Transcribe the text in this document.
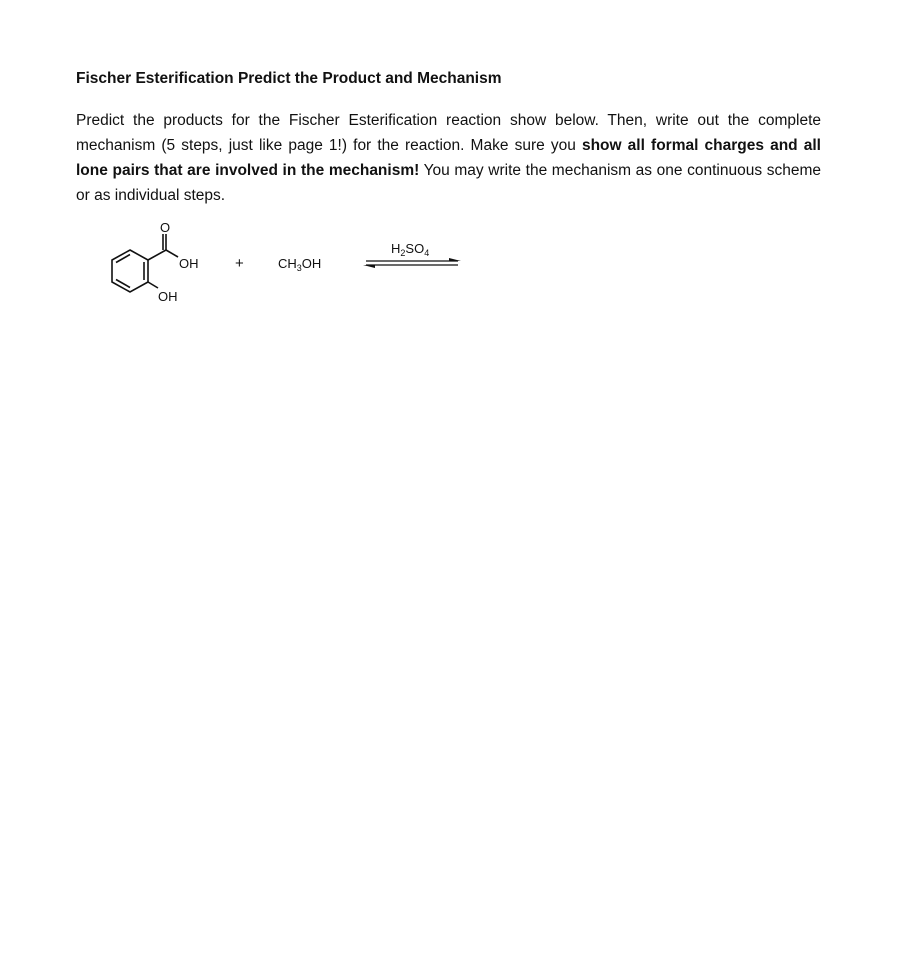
Fischer Esterification Predict the Product and Mechanism
Predict the products for the Fischer Esterification reaction show below. Then, write out the complete mechanism (5 steps, just like page 1!) for the reaction. Make sure you show all formal charges and all lone pairs that are involved in the mechanism! You may write the mechanism as one continuous scheme or as individual steps.
O
OH
OH
+	$CH_3OH$
$H_2SO_4$
